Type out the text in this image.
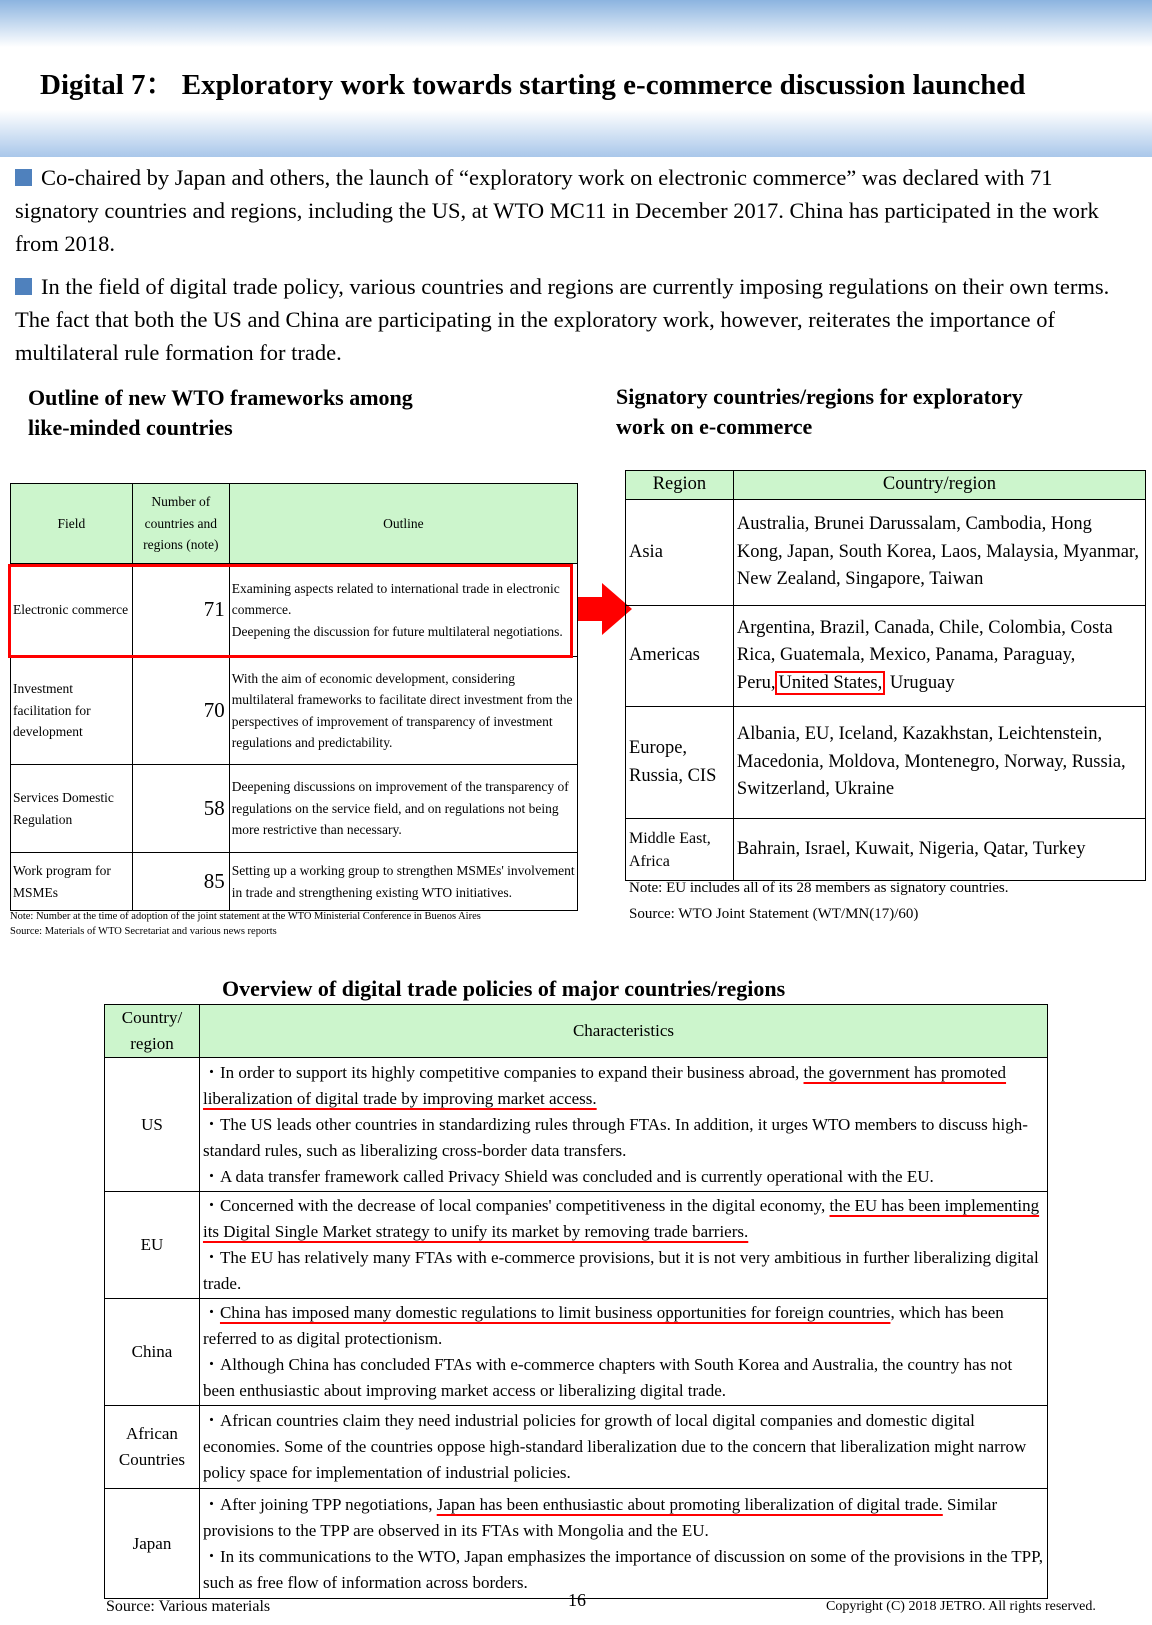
Digital 7： Exploratory work towards starting e-commerce discussion launched
Co-chaired by Japan and others, the launch of “exploratory work on electronic commerce” was declared with 71 signatory countries and regions, including the US, at WTO MC11 in December 2017. China has participated in the work from 2018.
In the field of digital trade policy, various countries and regions are currently imposing regulations on their own terms. The fact that both the US and China are participating in the exploratory work, however, reiterates the importance of multilateral rule formation for trade.
Outline of new WTO frameworks among
like-minded countries
Field	Number of countries and regions (note)	Outline
Electronic commerce	71	Examining aspects related to international trade in electronic commerce.
Deepening the discussion for future multilateral negotiations.
Investment facilitation for development	70	With the aim of economic development, considering multilateral frameworks to facilitate direct investment from the perspectives of improvement of transparency of investment regulations and predictability.
Services Domestic Regulation	58	Deepening discussions on improvement of the transparency of regulations on the service field, and on regulations not being more restrictive than necessary.
Work program for MSMEs	85	Setting up a working group to strengthen MSMEs' involvement in trade and strengthening existing WTO initiatives.
Note: Number at the time of adoption of the joint statement at the WTO Ministerial Conference in Buenos Aires
Source: Materials of WTO Secretariat and various news reports
Signatory countries/regions for exploratory
work on e-commerce
Region	Country/region
Asia	Australia, Brunei Darussalam, Cambodia, Hong Kong, Japan, South Korea, Laos, Malaysia, Myanmar, New Zealand, Singapore, Taiwan
Americas	Argentina, Brazil, Canada, Chile, Colombia, Costa Rica, Guatemala, Mexico, Panama, Paraguay, Peru, United States, Uruguay
Europe, Russia, CIS	Albania, EU, Iceland, Kazakhstan, Leichtenstein, Macedonia, Moldova, Montenegro, Norway, Russia, Switzerland, Ukraine
Middle East, Africa	Bahrain, Israel, Kuwait, Nigeria, Qatar, Turkey
Note: EU includes all of its 28 members as signatory countries.
Source: WTO Joint Statement (WT/MN(17)/60)
Overview of digital trade policies of major countries/regions
Country/ region	Characteristics
US	・In order to support its highly competitive companies to expand their business abroad, the government has promoted liberalization of digital trade by improving market access.
・The US leads other countries in standardizing rules through FTAs. In addition, it urges WTO members to discuss high-standard rules, such as liberalizing cross-border data transfers.
・A data transfer framework called Privacy Shield was concluded and is currently operational with the EU.

EU	・Concerned with the decrease of local companies' competitiveness in the digital economy, the EU has been implementing its Digital Single Market strategy to unify its market by removing trade barriers.
・The EU has relatively many FTAs with e-commerce provisions, but it is not very ambitious in further liberalizing digital trade.

China	・China has imposed many domestic regulations to limit business opportunities for foreign countries, which has been referred to as digital protectionism.
・Although China has concluded FTAs with e-commerce chapters with South Korea and Australia, the country has not been enthusiastic about improving market access or liberalizing digital trade.

African Countries	・African countries claim they need industrial policies for growth of local digital companies and domestic digital economies. Some of the countries oppose high-standard liberalization due to the concern that liberalization might narrow policy space for implementation of industrial policies.
Japan	・After joining TPP negotiations, Japan has been enthusiastic about promoting liberalization of digital trade. Similar provisions to the TPP are observed in its FTAs with Mongolia and the EU.
・In its communications to the WTO, Japan emphasizes the importance of discussion on some of the provisions in the TPP, such as free flow of information across borders.
Source: Various materials	16	Copyright (C) 2018 JETRO. All rights reserved.
